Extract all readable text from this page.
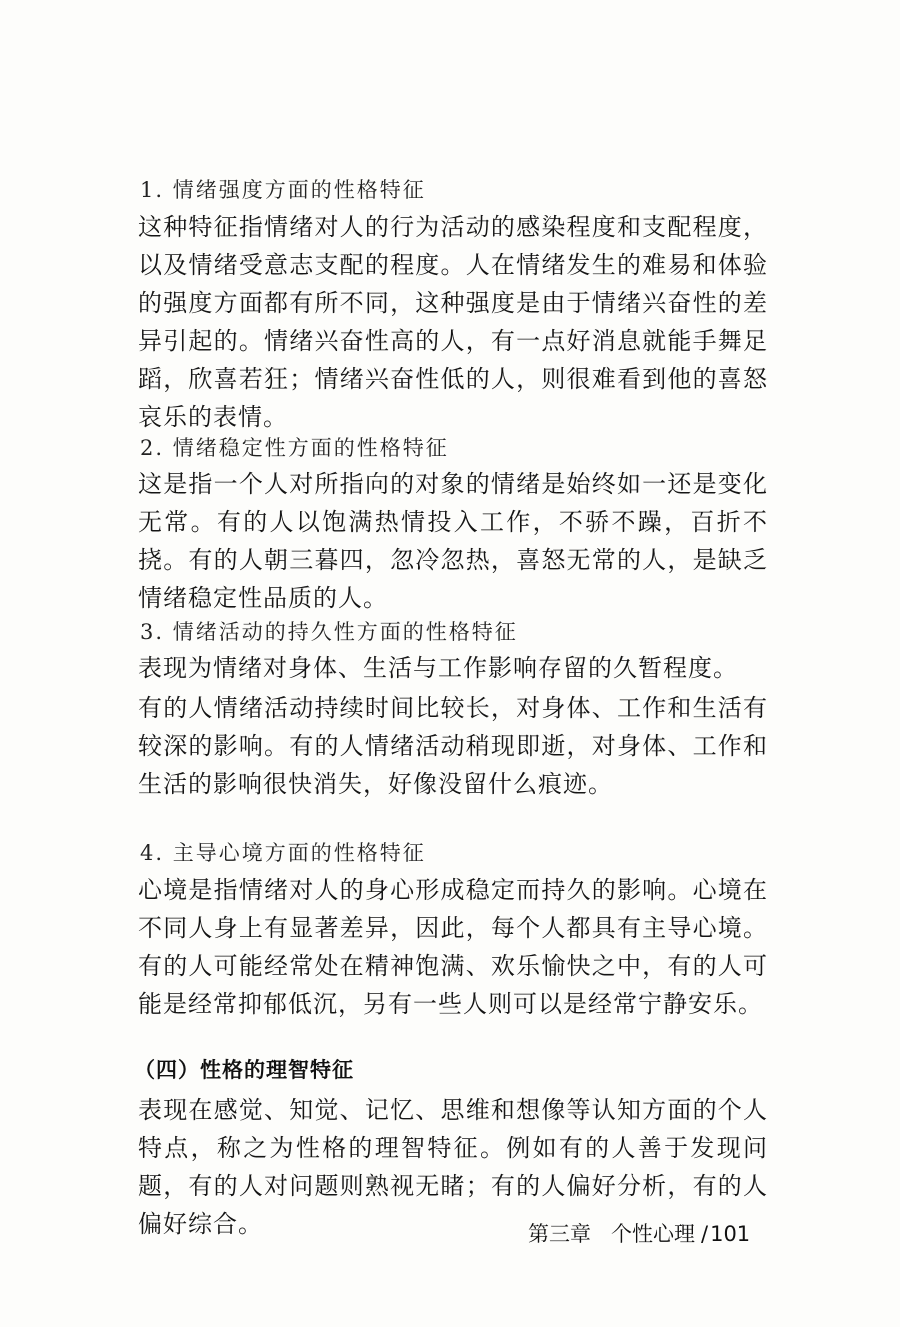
1. 情绪强度方面的性格特征
这种特征指情绪对人的行为活动的感染程度和支配程度，以及情绪受意志支配的程度。人在情绪发生的难易和体验的强度方面都有所不同，这种强度是由于情绪兴奋性的差异引起的。情绪兴奋性高的人，有一点好消息就能手舞足蹈，欣喜若狂；情绪兴奋性低的人，则很难看到他的喜怒哀乐的表情。
2. 情绪稳定性方面的性格特征
这是指一个人对所指向的对象的情绪是始终如一还是变化无常。有的人以饱满热情投入工作，不骄不躁，百折不挠。有的人朝三暮四，忽冷忽热，喜怒无常的人，是缺乏情绪稳定性品质的人。
3. 情绪活动的持久性方面的性格特征
表现为情绪对身体、生活与工作影响存留的久暂程度。
有的人情绪活动持续时间比较长，对身体、工作和生活有较深的影响。有的人情绪活动稍现即逝，对身体、工作和生活的影响很快消失，好像没留什么痕迹。
4. 主导心境方面的性格特征
心境是指情绪对人的身心形成稳定而持久的影响。心境在不同人身上有显著差异，因此，每个人都具有主导心境。有的人可能经常处在精神饱满、欢乐愉快之中，有的人可能是经常抑郁低沉，另有一些人则可以是经常宁静安乐。
（四）性格的理智特征
表现在感觉、知觉、记忆、思维和想像等认知方面的个人特点，称之为性格的理智特征。例如有的人善于发现问题，有的人对问题则熟视无睹；有的人偏好分析，有的人偏好综合。	第三章 个性心理 /101
